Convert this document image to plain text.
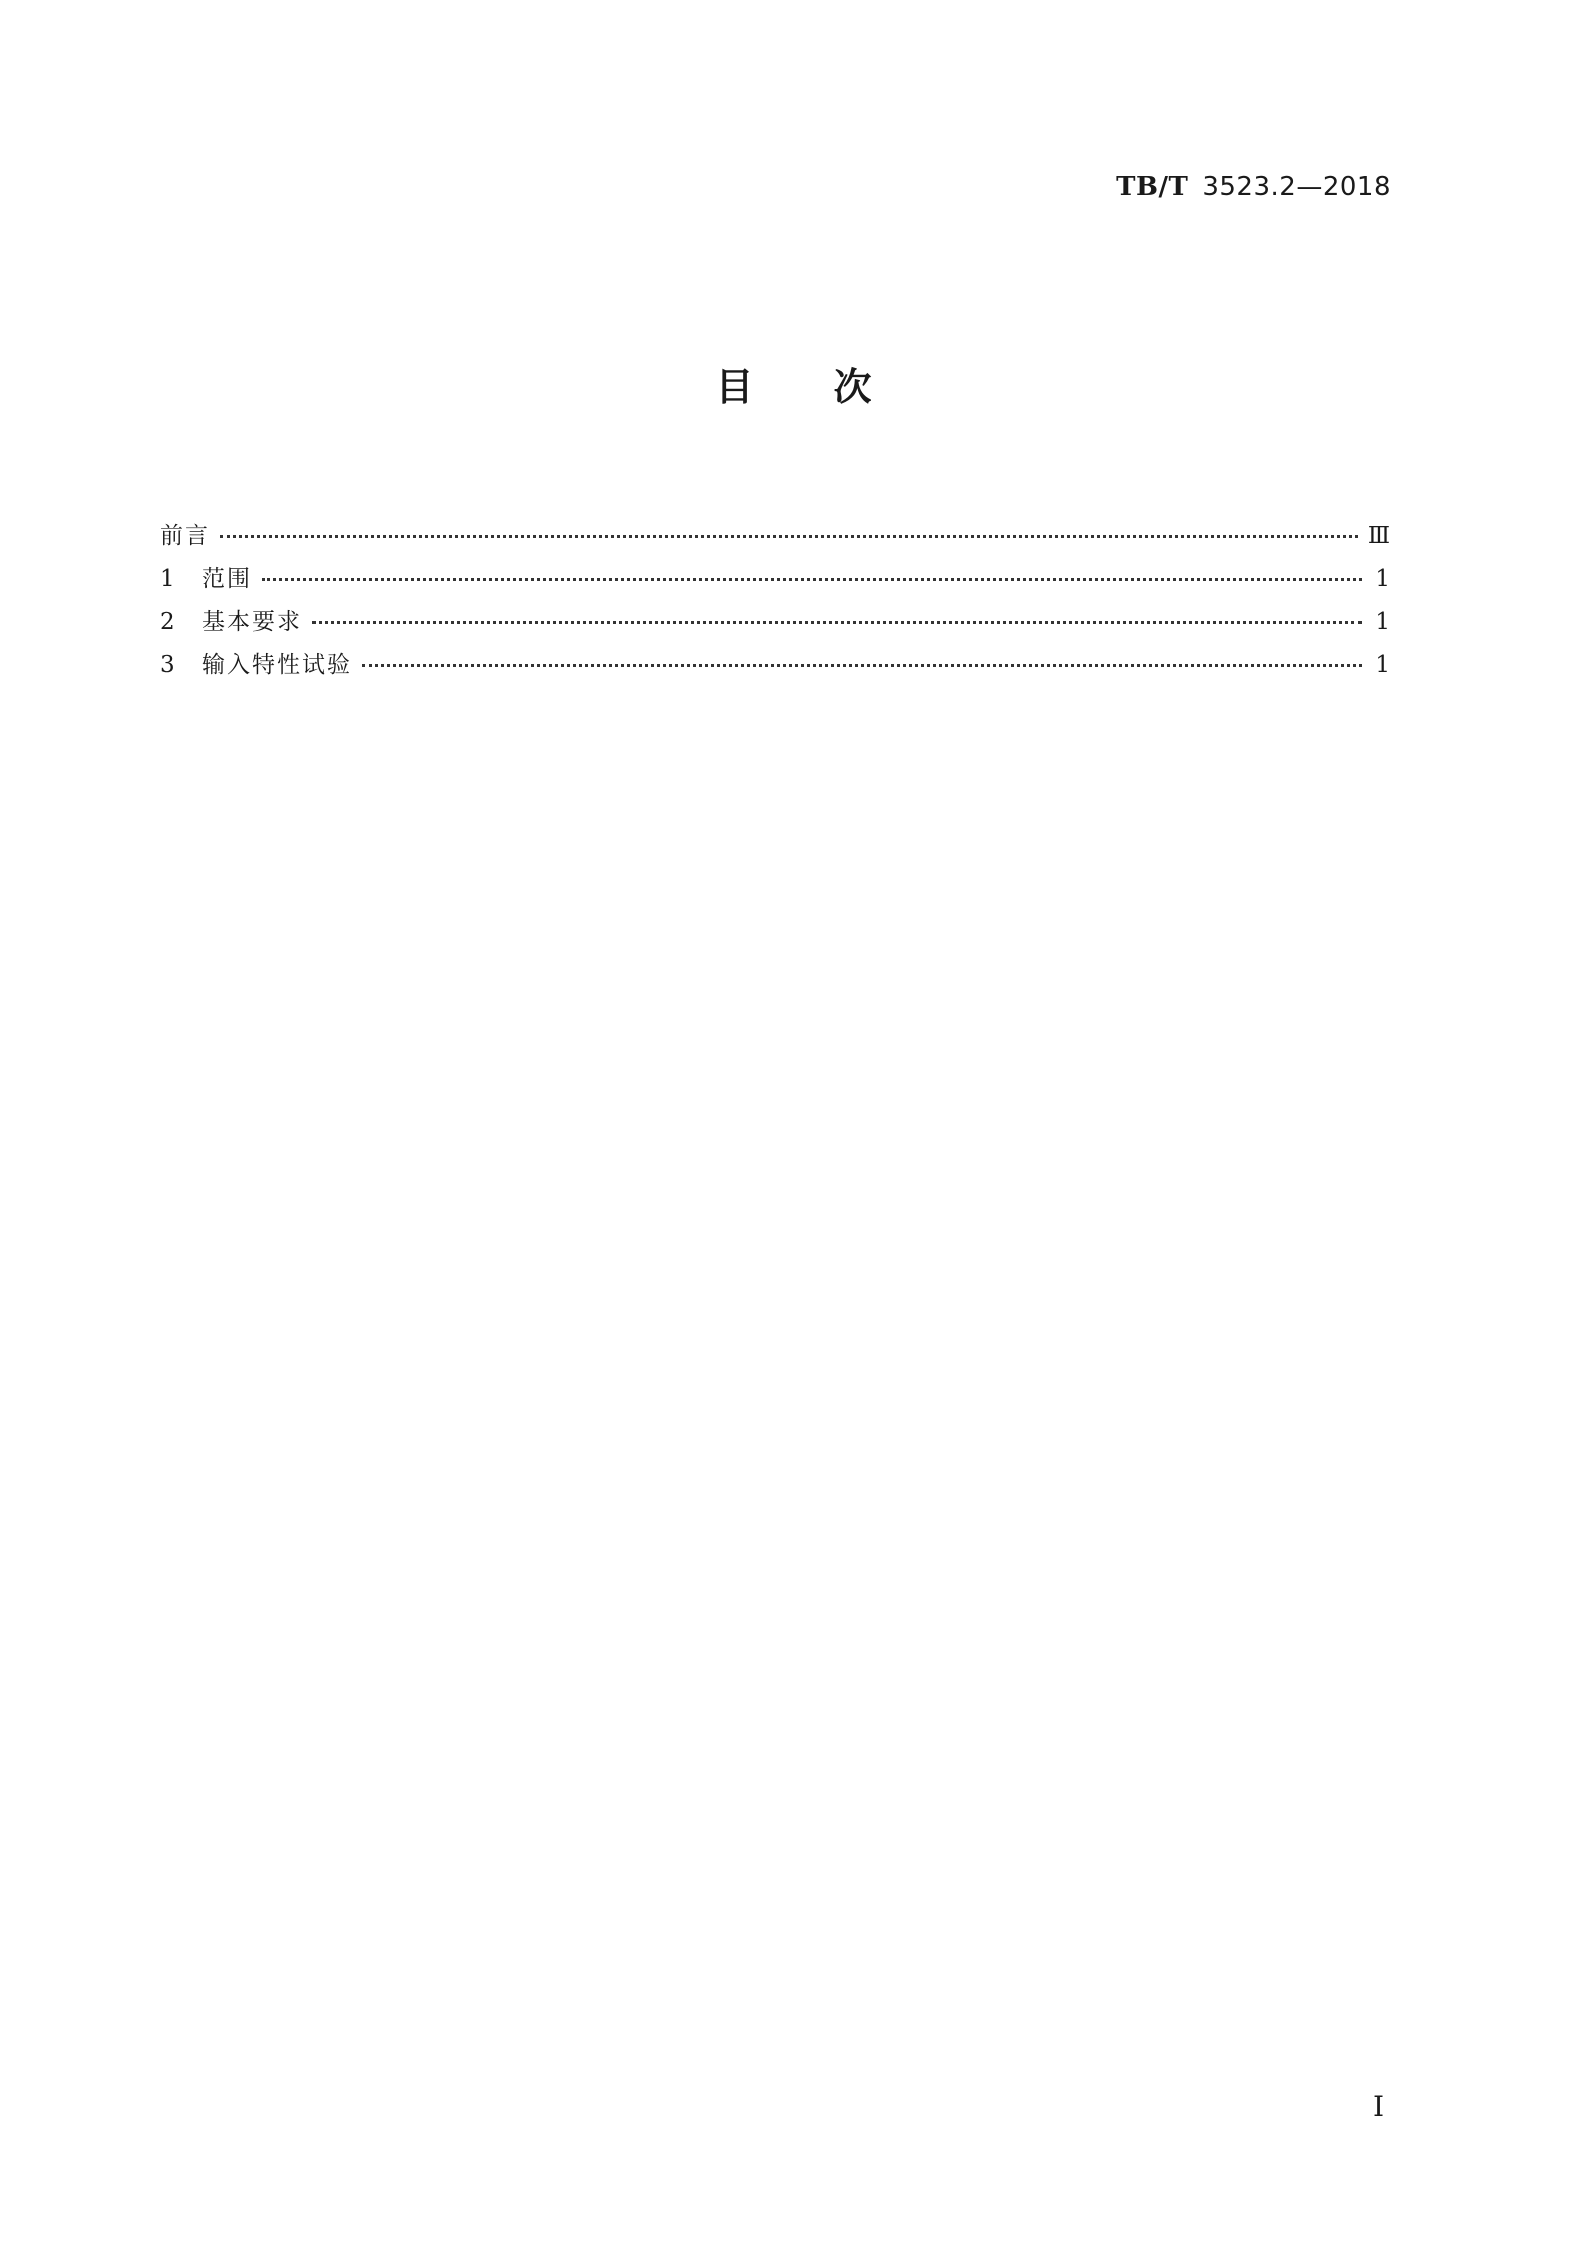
TB/T 3523.2—2018
目次
前言	Ⅲ
1	范围	1
2	基本要求	1
3	输入特性试验	1
I
